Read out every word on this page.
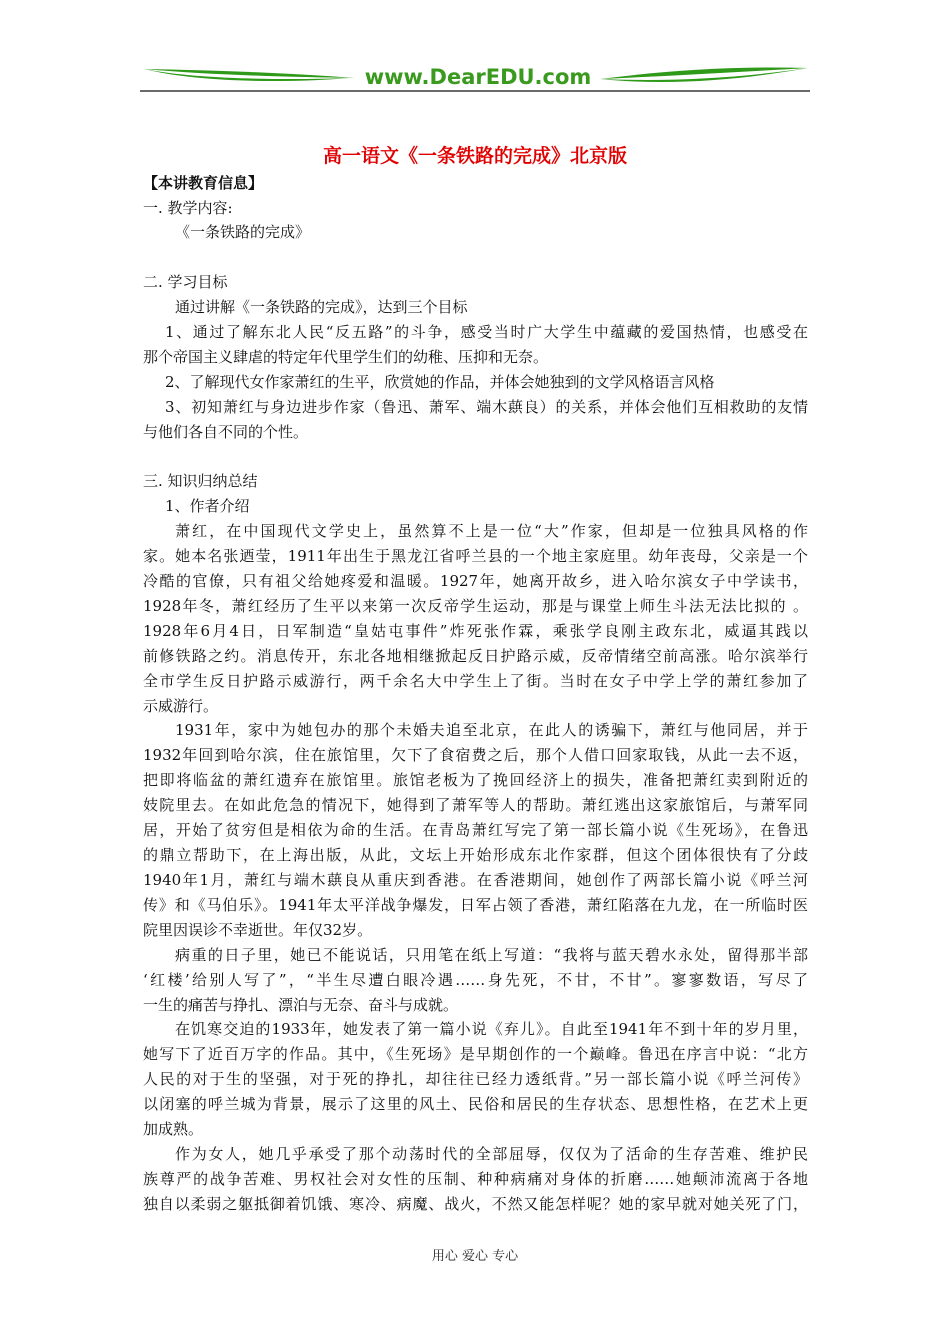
www.DearEDU.com
高一语文《一条铁路的完成》北京版
【本讲教育信息】
一. 教学内容:
《一条铁路的完成》
二. 学习目标
通过讲解《一条铁路的完成》，达到三个目标
1、通过了解东北人民“反五路”的斗争，感受当时广大学生中蕴藏的爱国热情，也感受在
那个帝国主义肆虐的特定年代里学生们的幼稚、压抑和无奈。
2、了解现代女作家萧红的生平，欣赏她的作品，并体会她独到的文学风格语言风格
3、初知萧红与身边进步作家（鲁迅、萧军、端木蕻良）的关系，并体会他们互相救助的友情
与他们各自不同的个性。
三. 知识归纳总结
1、作者介绍
萧红，在中国现代文学史上，虽然算不上是一位“大”作家，但却是一位独具风格的作
家。她本名张迺莹，1911年出生于黑龙江省呼兰县的一个地主家庭里。幼年丧母，父亲是一个
冷酷的官僚，只有祖父给她疼爱和温暖。1927年，她离开故乡，进入哈尔滨女子中学读书，
1928年冬，萧红经历了生平以来第一次反帝学生运动，那是与课堂上师生斗法无法比拟的 。
1928年6月4日，日军制造“皇姑屯事件”炸死张作霖，乘张学良刚主政东北，威逼其践以
前修铁路之约。消息传开，东北各地相继掀起反日护路示威，反帝情绪空前高涨。哈尔滨举行
全市学生反日护路示威游行，两千余名大中学生上了街。当时在女子中学上学的萧红参加了
示威游行。
1931年，家中为她包办的那个未婚夫追至北京，在此人的诱骗下，萧红与他同居，并于
1932年回到哈尔滨，住在旅馆里，欠下了食宿费之后，那个人借口回家取钱，从此一去不返，
把即将临盆的萧红遗弃在旅馆里。旅馆老板为了挽回经济上的损失，准备把萧红卖到附近的
妓院里去。在如此危急的情况下，她得到了萧军等人的帮助。萧红逃出这家旅馆后，与萧军同
居，开始了贫穷但是相依为命的生活。在青岛萧红写完了第一部长篇小说《生死场》，在鲁迅
的鼎立帮助下，在上海出版，从此，文坛上开始形成东北作家群，但这个团体很快有了分歧
1940年1月，萧红与端木蕻良从重庆到香港。在香港期间，她创作了两部长篇小说《呼兰河
传》和《马伯乐》。1941年太平洋战争爆发，日军占领了香港，萧红陷落在九龙，在一所临时医
院里因误诊不幸逝世。年仅32岁。
病重的日子里，她已不能说话，只用笔在纸上写道：“我将与蓝天碧水永处，留得那半部
‘红楼’给别人写了”，“半生尽遭白眼冷遇……身先死，不甘，不甘”。寥寥数语，写尽了
一生的痛苦与挣扎、漂泊与无奈、奋斗与成就。
在饥寒交迫的1933年，她发表了第一篇小说《弃儿》。自此至1941年不到十年的岁月里，
她写下了近百万字的作品。其中，《生死场》是早期创作的一个巅峰。鲁迅在序言中说：“北方
人民的对于生的坚强，对于死的挣扎，却往往已经力透纸背。”另一部长篇小说《呼兰河传》
以闭塞的呼兰城为背景，展示了这里的风土、民俗和居民的生存状态、思想性格，在艺术上更
加成熟。
作为女人，她几乎承受了那个动荡时代的全部屈辱，仅仅为了活命的生存苦难、维护民
族尊严的战争苦难、男权社会对女性的压制、种种病痛对身体的折磨……她颠沛流离于各地
独自以柔弱之躯抵御着饥饿、寒冷、病魔、战火，不然又能怎样呢？她的家早就对她关死了门，
用心 爱心 专心
